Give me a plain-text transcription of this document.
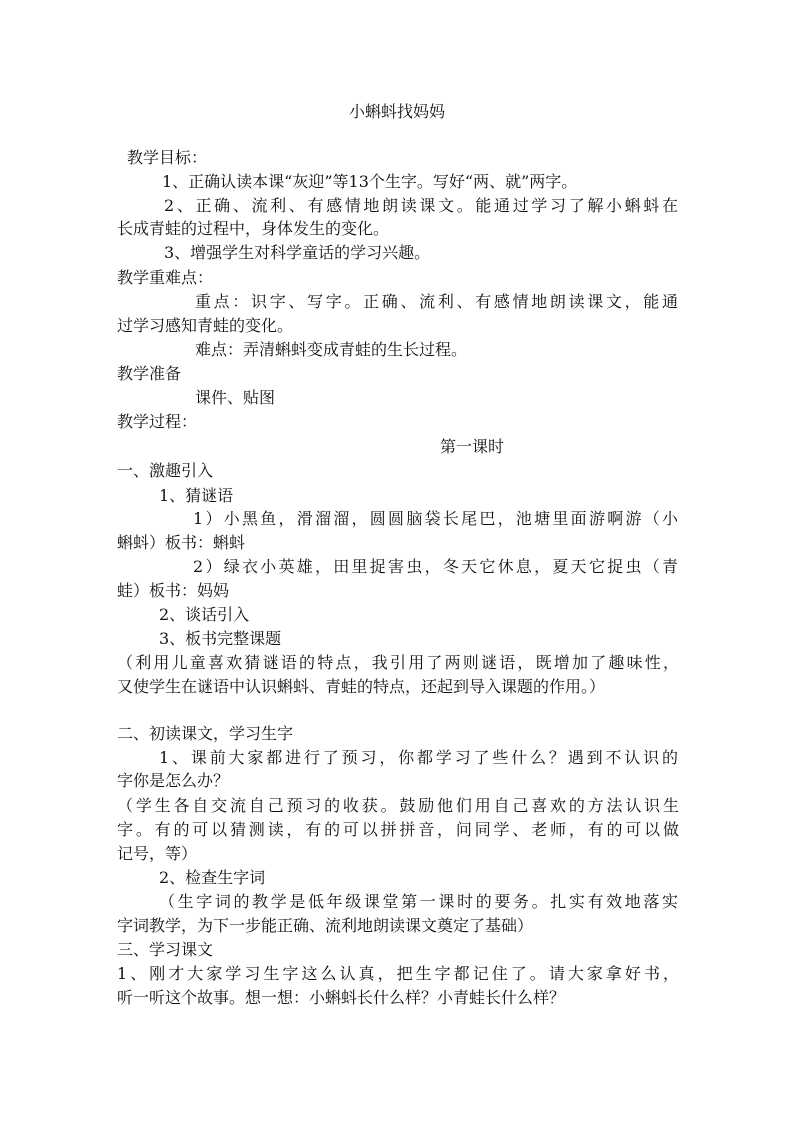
小蝌蚪找妈妈
教学目标：
1、正确认读本课“灰迎”等13个生字。写好“两、就”两字。
2、正确、流利、有感情地朗读课文。能通过学习了解小蝌蚪在
长成青蛙的过程中，身体发生的变化。
3、增强学生对科学童话的学习兴趣。
教学重难点：
重点：识字、写字。正确、流利、有感情地朗读课文，能通
过学习感知青蛙的变化。
难点：弄清蝌蚪变成青蛙的生长过程。
教学准备
课件、贴图
教学过程：
第一课时
一、激趣引入
1、猜谜语
1）小黑鱼，滑溜溜，圆圆脑袋长尾巴，池塘里面游啊游（小
蝌蚪）板书：蝌蚪
2）绿衣小英雄，田里捉害虫，冬天它休息，夏天它捉虫（青
蛙）板书：妈妈
2、谈话引入
3、板书完整课题
（利用儿童喜欢猜谜语的特点，我引用了两则谜语，既增加了趣味性，
又使学生在谜语中认识蝌蚪、青蛙的特点，还起到导入课题的作用。）
二、初读课文，学习生字
1、课前大家都进行了预习，你都学习了些什么？遇到不认识的
字你是怎么办？
（学生各自交流自己预习的收获。鼓励他们用自己喜欢的方法认识生
字。有的可以猜测读，有的可以拼拼音，问同学、老师，有的可以做
记号，等）
2、检查生字词
（生字词的教学是低年级课堂第一课时的要务。扎实有效地落实
字词教学，为下一步能正确、流利地朗读课文奠定了基础）
三、学习课文
1、刚才大家学习生字这么认真，把生字都记住了。请大家拿好书，
听一听这个故事。想一想：小蝌蚪长什么样？小青蛙长什么样？
